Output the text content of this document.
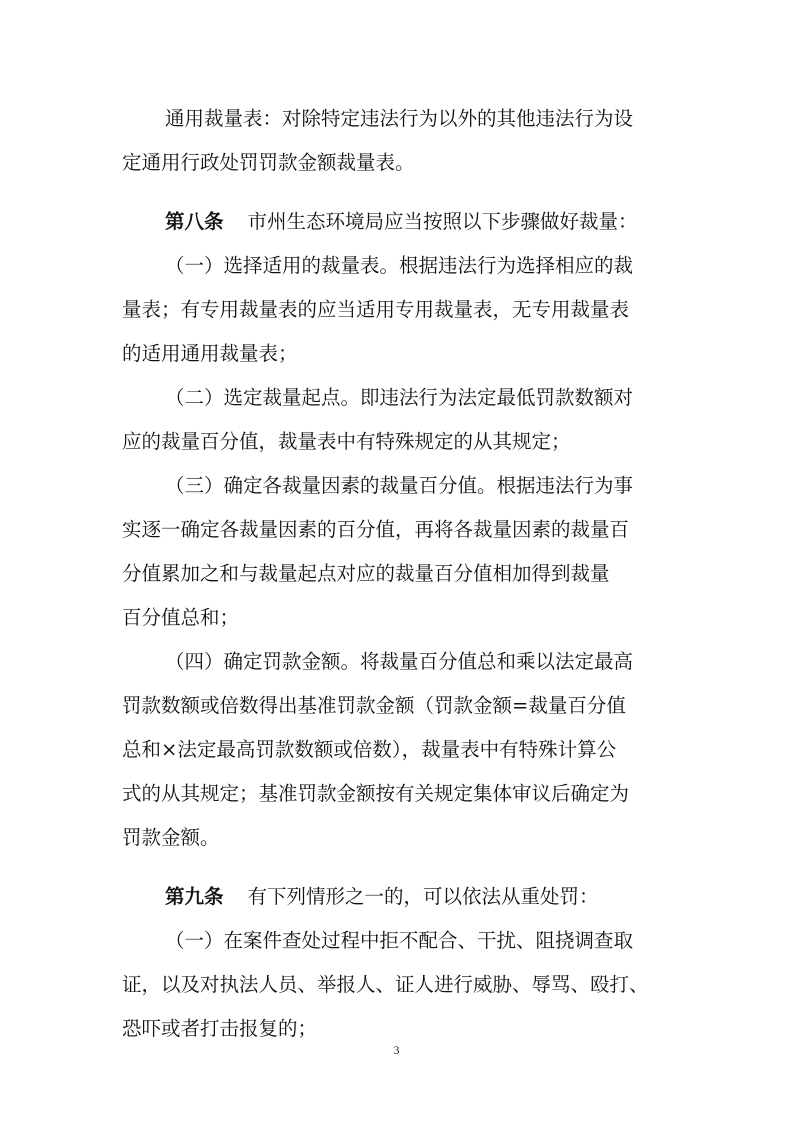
通用裁量表：对除特定违法行为以外的其他违法行为设
定通用行政处罚罚款金额裁量表。
第八条 市州生态环境局应当按照以下步骤做好裁量：
（一）选择适用的裁量表。根据违法行为选择相应的裁
量表；有专用裁量表的应当适用专用裁量表，无专用裁量表
的适用通用裁量表；
（二）选定裁量起点。即违法行为法定最低罚款数额对
应的裁量百分值，裁量表中有特殊规定的从其规定；
（三）确定各裁量因素的裁量百分值。根据违法行为事
实逐一确定各裁量因素的百分值，再将各裁量因素的裁量百
分值累加之和与裁量起点对应的裁量百分值相加得到裁量
百分值总和；
（四）确定罚款金额。将裁量百分值总和乘以法定最高
罚款数额或倍数得出基准罚款金额（罚款金额=裁量百分值
总和×法定最高罚款数额或倍数），裁量表中有特殊计算公
式的从其规定；基准罚款金额按有关规定集体审议后确定为
罚款金额。
第九条 有下列情形之一的，可以依法从重处罚：
（一）在案件查处过程中拒不配合、干扰、阻挠调查取
证，以及对执法人员、举报人、证人进行威胁、辱骂、殴打、
恐吓或者打击报复的；
3
